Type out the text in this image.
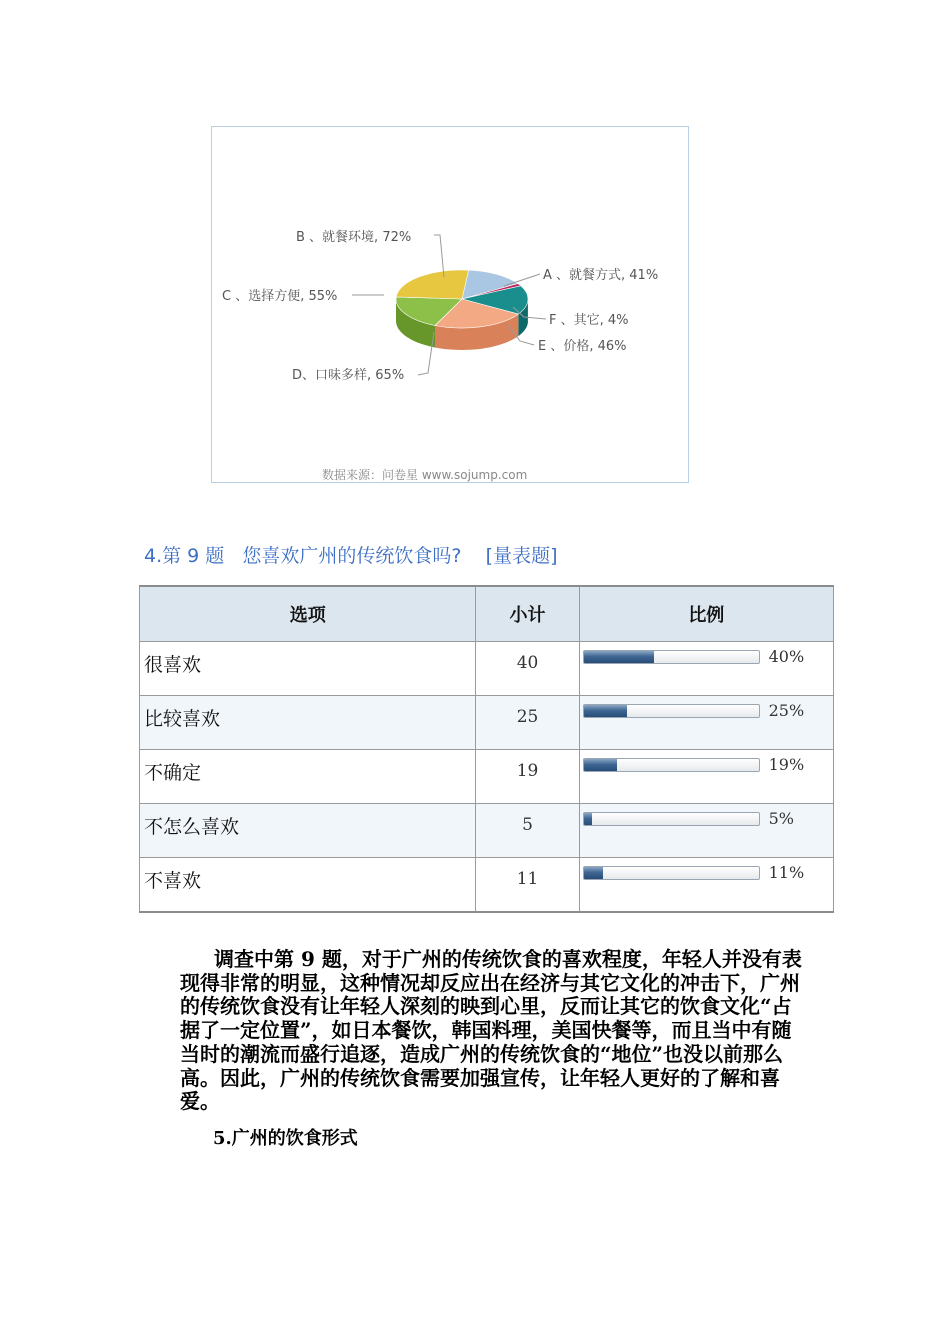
B 、就餐环境, 72%
A 、就餐方式, 41%
C 、选择方便, 55%
F 、其它, 4%
E 、价格, 46%
D、口味多样, 65%
数据来源：问卷星 www.sojump.com
4.第 9 题   您喜欢广州的传统饮食吗?    [量表题]
选项	小计	比例

很喜欢	40	40%

比较喜欢	25	25%

不确定	19	19%

不怎么喜欢	5	5%

不喜欢	11	11%

调查中第 9 题，对于广州的传统饮食的喜欢程度，年轻人并没有表现得非常的明显，这种情况却反应出在经济与其它文化的冲击下，广州的传统饮食没有让年轻人深刻的映到心里，反而让其它的饮食文化“占据了一定位置”，如日本餐饮，韩国料理，美国快餐等，而且当中有随当时的潮流而盛行追逐，造成广州的传统饮食的“地位”也没以前那么高。因此，广州的传统饮食需要加强宣传，让年轻人更好的了解和喜爱。

5.广州的饮食形式
